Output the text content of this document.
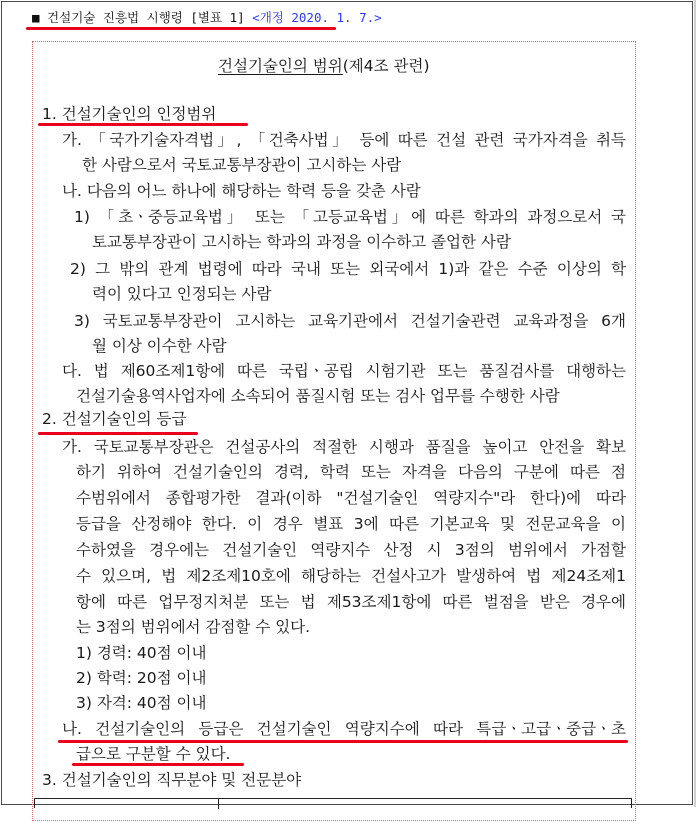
■ 건설기술 진흥법 시행령 [별표 1] <개정 2020. 1. 7.>
건설기술인의 범위(제4조 관련)
1. 건설기술인의 인정범위
가. 「국가기술자격법」, 「건축사법」 등에 따른 건설 관련 국가자격을 취득
한 사람으로서 국토교통부장관이 고시하는 사람
나. 다음의 어느 하나에 해당하는 학력 등을 갖춘 사람
1) 「초ㆍ중등교육법」 또는 「고등교육법」에 따른 학과의 과정으로서 국
토교통부장관이 고시하는 학과의 과정을 이수하고 졸업한 사람
2) 그 밖의 관계 법령에 따라 국내 또는 외국에서 1)과 같은 수준 이상의 학
력이 있다고 인정되는 사람
3) 국토교통부장관이 고시하는 교육기관에서 건설기술관련 교육과정을 6개
월 이상 이수한 사람
다. 법 제60조제1항에 따른 국립ㆍ공립 시험기관 또는 품질검사를 대행하는
건설기술용역사업자에 소속되어 품질시험 또는 검사 업무를 수행한 사람
2. 건설기술인의 등급
가. 국토교통부장관은 건설공사의 적절한 시행과 품질을 높이고 안전을 확보
하기 위하여 건설기술인의 경력, 학력 또는 자격을 다음의 구분에 따른 점
수범위에서 종합평가한 결과(이하 "건설기술인 역량지수"라 한다)에 따라
등급을 산정해야 한다. 이 경우 별표 3에 따른 기본교육 및 전문교육을 이
수하였을 경우에는 건설기술인 역량지수 산정 시 3점의 범위에서 가점할
수 있으며, 법 제2조제10호에 해당하는 건설사고가 발생하여 법 제24조제1
항에 따른 업무정지처분 또는 법 제53조제1항에 따른 벌점을 받은 경우에
는 3점의 범위에서 감점할 수 있다.
1) 경력: 40점 이내
2) 학력: 20점 이내
3) 자격: 40점 이내
나. 건설기술인의 등급은 건설기술인 역량지수에 따라 특급ㆍ고급ㆍ중급ㆍ초
급으로 구분할 수 있다.
3. 건설기술인의 직무분야 및 전문분야
